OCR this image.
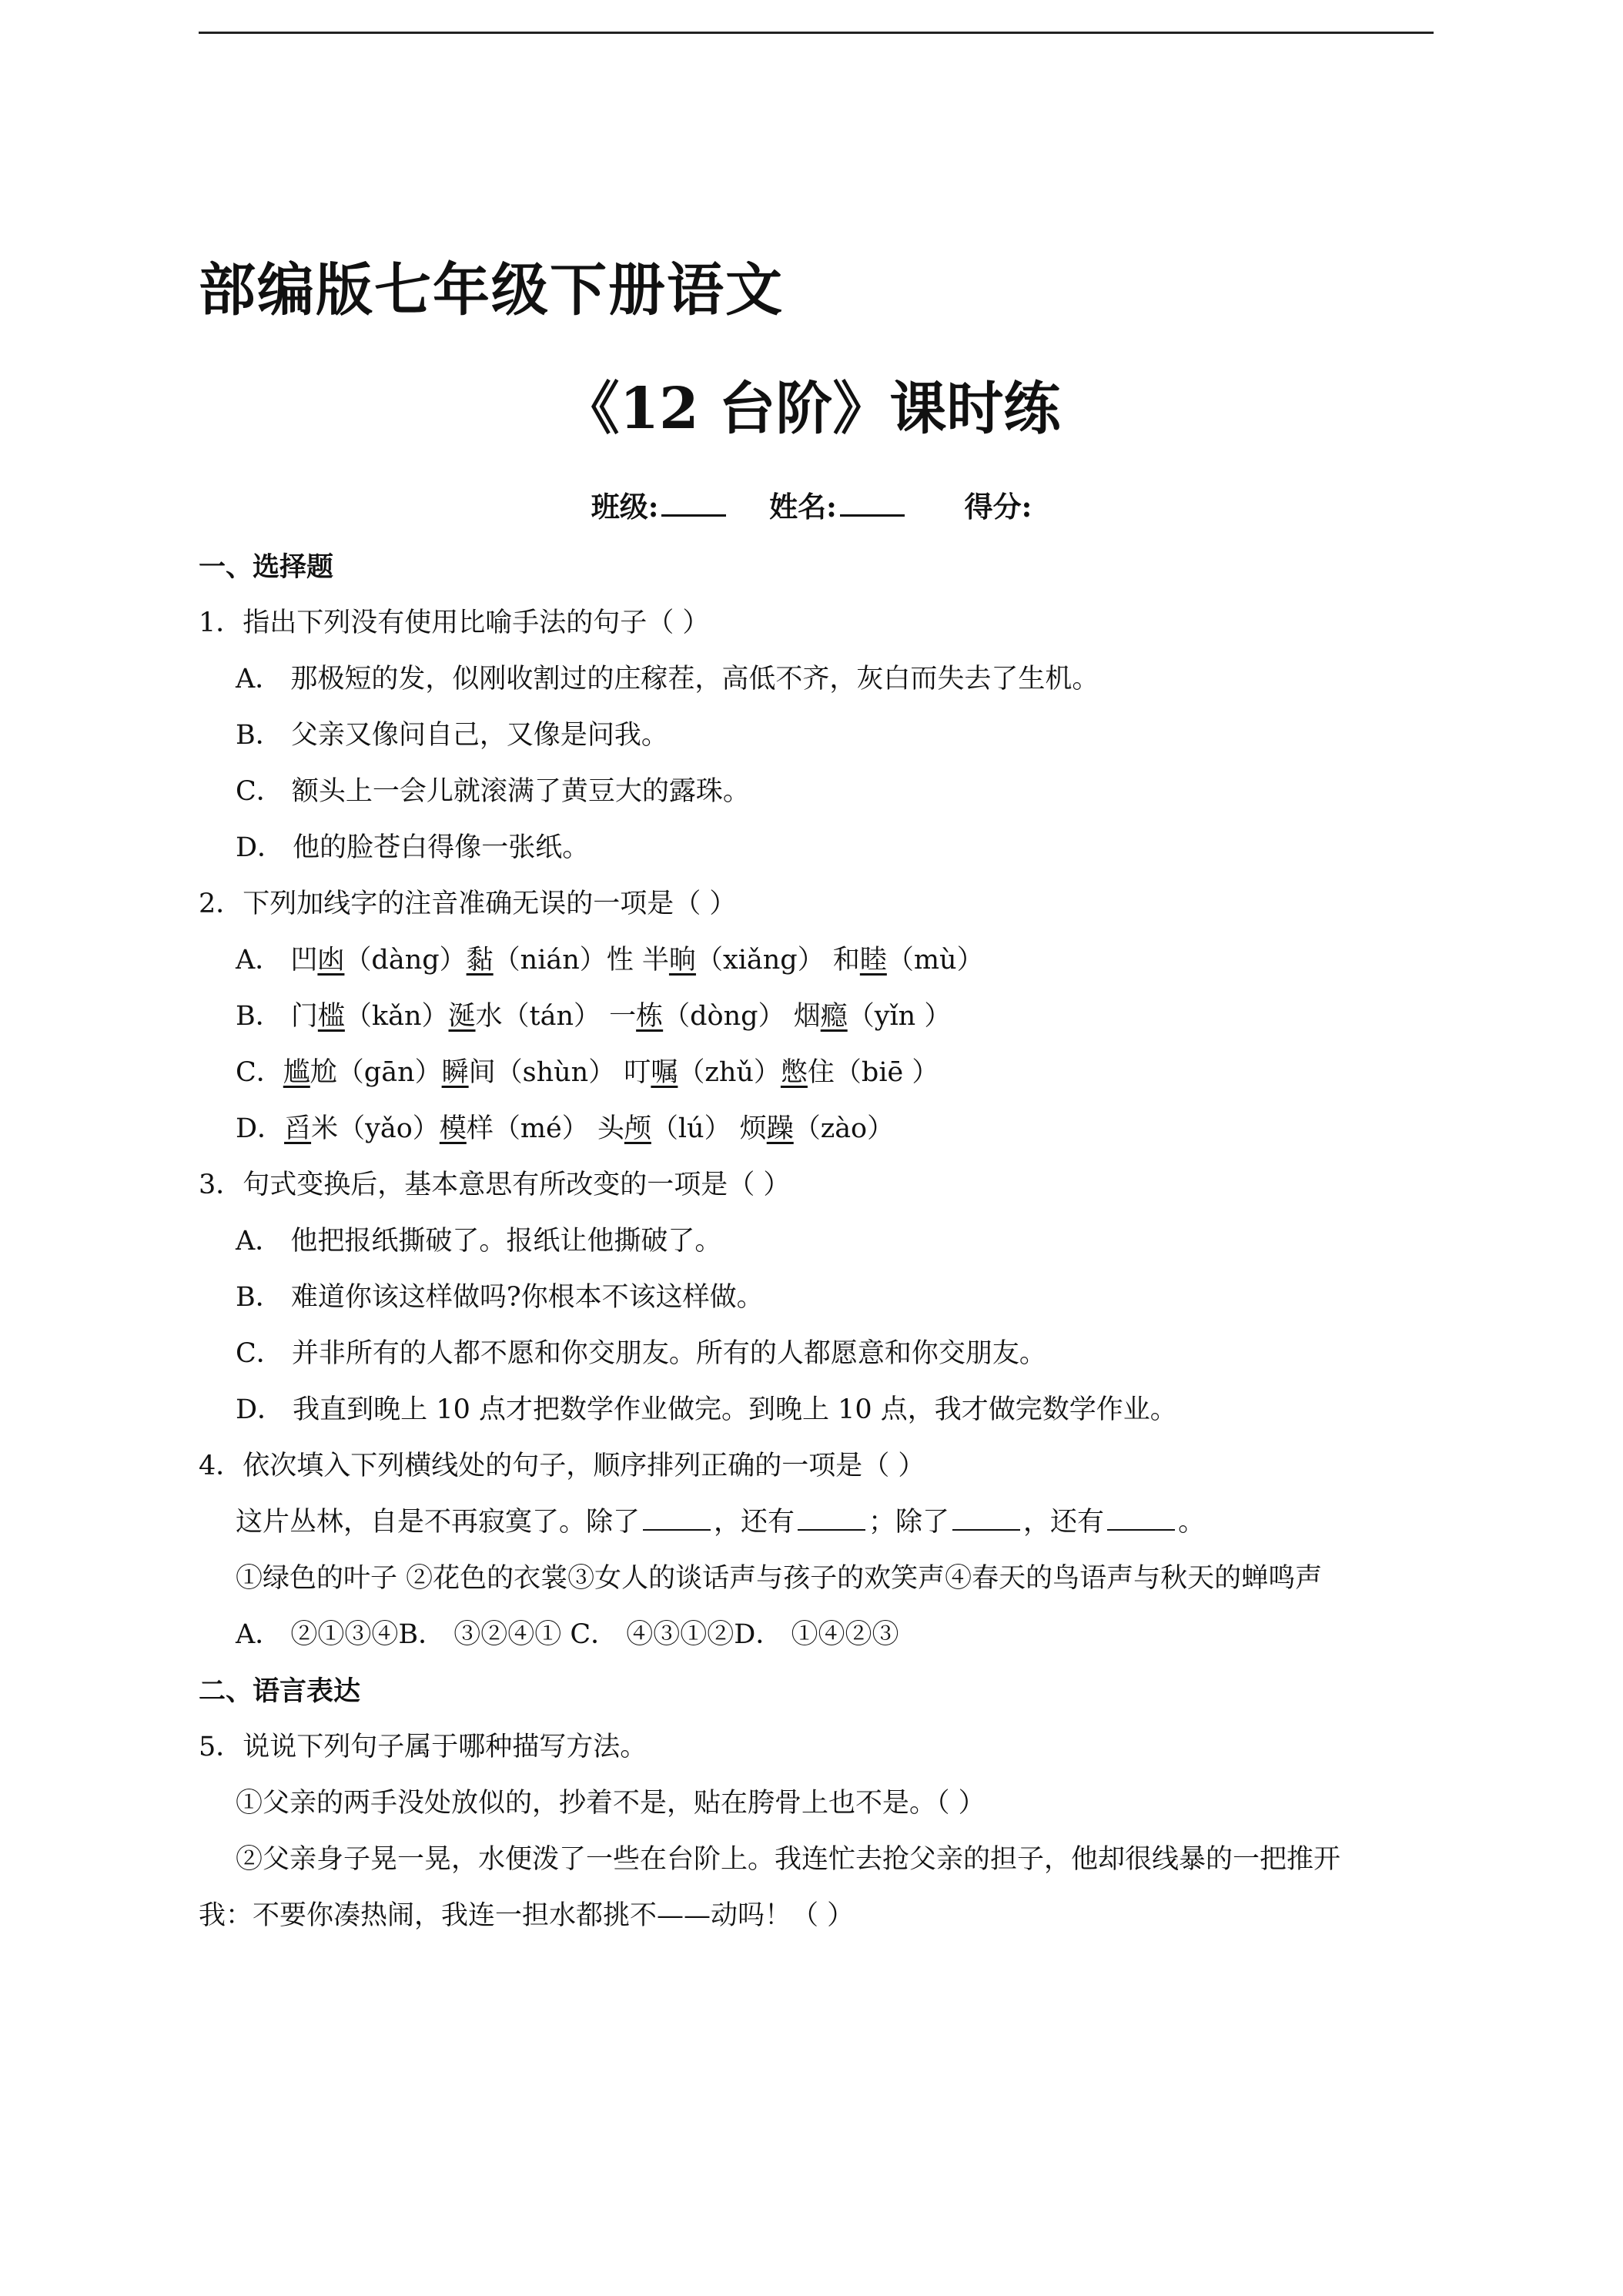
部编版七年级下册语文
《12 台阶》课时练
班级:	姓名:	得分:
一、选择题
1．指出下列没有使用比喻手法的句子（ ）
A． 那极短的发，似刚收割过的庄稼茬，高低不齐，灰白而失去了生机。
B． 父亲又像问自己，又像是问我。
C． 额头上一会儿就滚满了黄豆大的露珠。
D． 他的脸苍白得像一张纸。
2．下列加线字的注音准确无误的一项是（ ）
A． 凹凼（dàng）黏（nián）性 半晌（xiǎng） 和睦（mù）
B． 门槛（kǎn）涎水（tán） 一栋（dòng） 烟瘾（yǐn ）
C．尴尬（gān）瞬间（shùn） 叮嘱（zhǔ）憋住（biē ）
D．舀米（yǎo）模样（mé） 头颅（lú） 烦躁（zào）
3．句式变换后，基本意思有所改变的一项是（ ）
A． 他把报纸撕破了。报纸让他撕破了。
B． 难道你该这样做吗?你根本不该这样做。
C． 并非所有的人都不愿和你交朋友。所有的人都愿意和你交朋友。
D． 我直到晚上 10 点才把数学作业做完。到晚上 10 点，我才做完数学作业。
4．依次填入下列横线处的句子，顺序排列正确的一项是（ ）
这片丛林，自是不再寂寞了。除了	，还有	；除了	，还有	。
①绿色的叶子 ②花色的衣裳③女人的谈话声与孩子的欢笑声④春天的鸟语声与秋天的蝉鸣声
A． ②①③④B． ③②④① C． ④③①②D． ①④②③
二、语言表达
5．说说下列句子属于哪种描写方法。
①父亲的两手没处放似的，抄着不是，贴在胯骨上也不是。（ ）
②父亲身子晃一晃，水便泼了一些在台阶上。我连忙去抢父亲的担子，他却很线暴的一把推开
我：不要你凑热闹，我连一担水都挑不——动吗！（ ）
